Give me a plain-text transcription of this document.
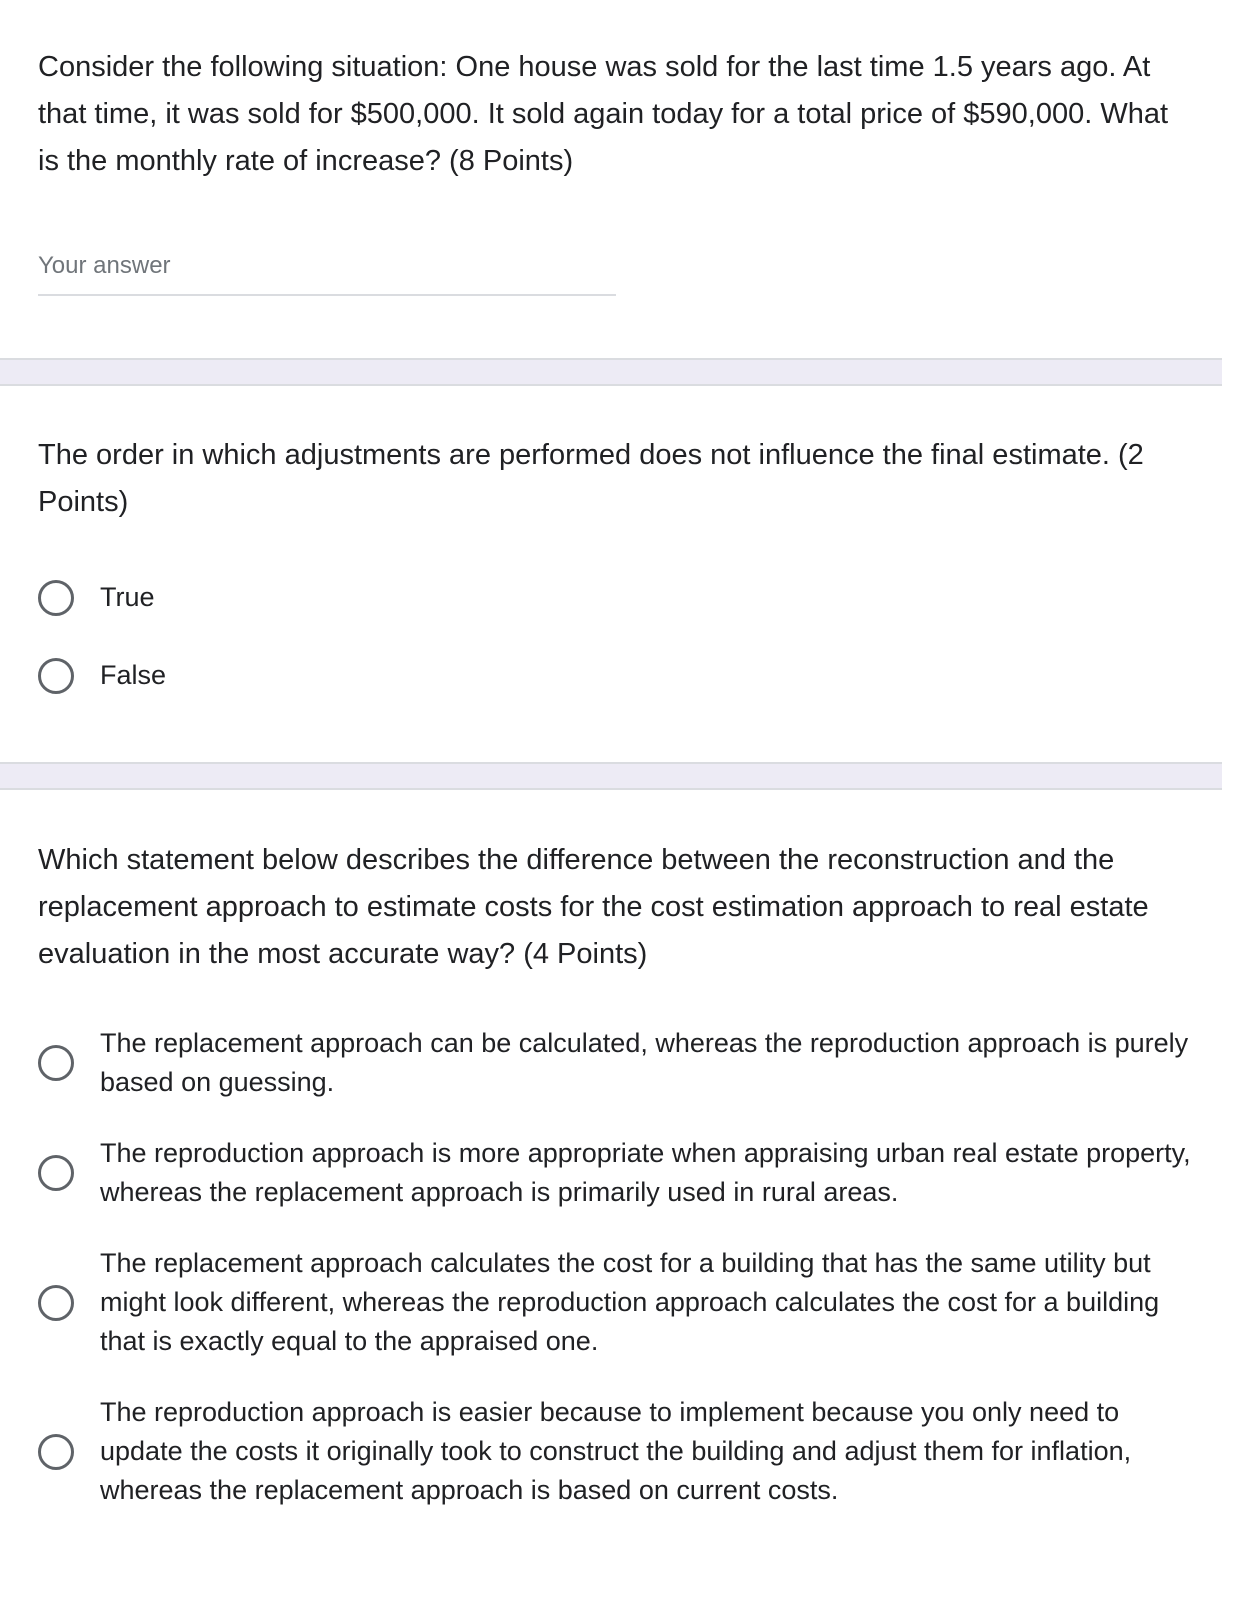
Consider the following situation: One house was sold for the last time 1.5 years ago. At that time, it was sold for $500,000. It sold again today for a total price of $590,000. What is the monthly rate of increase? (8 Points)
Your answer
The order in which adjustments are performed does not influence the final estimate. (2 Points)
True
False
Which statement below describes the difference between the reconstruction and the replacement approach to estimate costs for the cost estimation approach to real estate evaluation in the most accurate way? (4 Points)
The replacement approach can be calculated, whereas the reproduction approach is purely based on guessing.
The reproduction approach is more appropriate when appraising urban real estate property, whereas the replacement approach is primarily used in rural areas.
The replacement approach calculates the cost for a building that has the same utility but might look different, whereas the reproduction approach calculates the cost for a building that is exactly equal to the appraised one.
The reproduction approach is easier because to implement because you only need to update the costs it originally took to construct the building and adjust them for inflation, whereas the replacement approach is based on current costs.
